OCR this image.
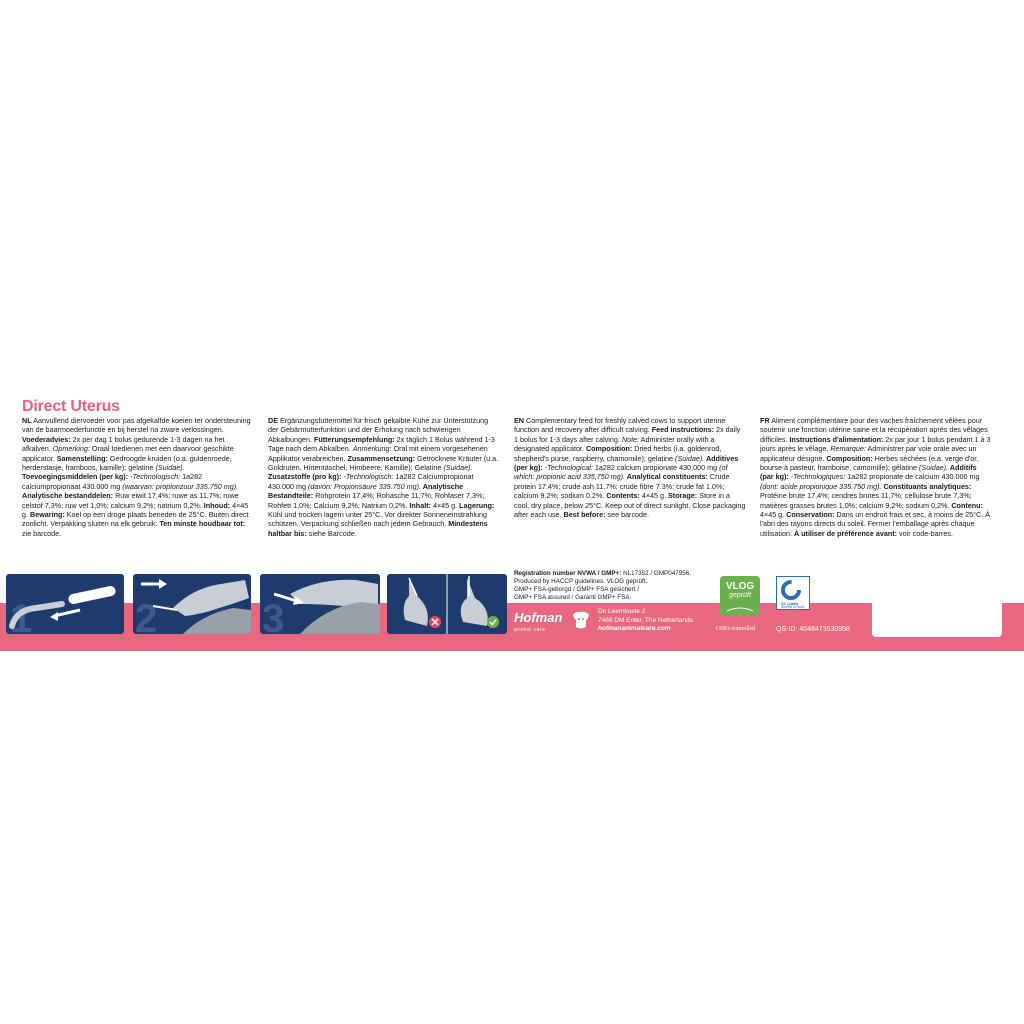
Direct Uterus
NL Aanvullend diervoeder voor pas afgekalfde koeien ter ondersteuning van de baarmoederfunctie en bij herstel na zware verlossingen. Voederadvies: 2x per dag 1 bolus gedurende 1-3 dagen na het afkalven. Opmerking: Oraal toedienen met een daarvoor geschikte applicator. Samenstelling: Gedroogde kruiden (o.a. guldenroede, herderstasje, framboos, kamille); gelatine (Suidae). Toevoegingsmiddelen (per kg): -Technologisch: 1a282 calciumpropionaat 430.000 mg (waarvan: propionzuur 335.750 mg). Analytische bestanddelen: Ruw eiwit 17,4%; ruwe as 11,7%; ruwe celstof 7,3%; ruw vet 1,0%; calcium 9,2%; natrium 0,2%. Inhoud: 4×45 g. Bewaring: Koel op een droge plaats beneden de 25°C. Buiten direct zonlicht. Verpakking sluiten na elk gebruik. Ten minste houdbaar tot: zie barcode.
DE Ergänzungsfuttermittel für frisch gekalbte Kühe zur Unterstützung der Gebärmutterfunktion und der Erholung nach schwierigen Abkalbungen. Fütterungsempfehlung: 2x täglich 1 Bolus während 1-3 Tage nach dem Abkalben. Anmerkung: Oral mit einem vorgesehenen Applikator verabreichen. Zusammensetzung: Getrocknete Kräuter (u.a. Goldruten, Hirtentäschel, Himbeere, Kamille); Gelatine (Suidae). Zusatzstoffe (pro kg): -Technologisch: 1a282 Calciumpropionat 430.000 mg (davon: Propionsäure 335.750 mg). Analytische Bestandteile: Rohprotein 17,4%; Rohasche 11,7%; Rohfaser 7,3%; Rohfett 1,0%; Calcium 9,2%; Natrium 0,2%. Inhalt: 4×45 g. Lagerung: Kühl und trocken lagern unter 25°C. Vor direkter Sonneneinstrahlung schützen. Verpackung schließen nach jedem Gebrauch. Mindestens haltbar bis: siehe Barcode.
EN Complementary feed for freshly calved cows to support uterine function and recovery after difficult calving. Feed instructions: 2x daily 1 bolus for 1-3 days after calving. Note: Administer orally with a designated applicator. Composition: Dried herbs (i.a. goldenrod, shepherd's purse, raspberry, chamomile); gelatine (Suidae). Additives (per kg): -Technological: 1a282 calcium propionate 430,000 mg (of which: propionic acid 335,750 mg). Analytical constituents: Crude protein 17.4%; crude ash 11.7%; crude fibre 7.3%; crude fat 1.0%; calcium 9.2%; sodium 0.2%. Contents: 4×45 g. Storage: Store in a cool, dry place, below 25°C. Keep out of direct sunlight. Close packaging after each use. Best before: see barcode.
FR Aliment complémentaire pour des vaches fraîchement vêlées pour soutenir une fonction utérine saine et la récupération après des vêlages difficiles. Instructions d'alimentation: 2x par jour 1 bolus pendant 1 à 3 jours après le vêlage. Remarque: Administrer par voie orale avec un applicateur désigné. Composition: Herbes séchées (e.a. verge d'or, bourse à pasteur, framboise, camomille); gélatine (Suidae). Additifs (par kg): -Technologiques: 1a282 propionate de calcium 430.000 mg (dont: acide propionique 335.750 mg). Constituants analytiques: Protéine brute 17,4%; cendres brutes 11,7%; cellulose brute 7,3%; matières grasses brutes 1,0%; calcium 9,2%; sodium 0,2%. Contenu: 4×45 g. Conservation: Dans un endroit frais et sec, à moins de 25°C. À l'abri des rayons directs du soleil. Fermer l'emballage après chaque utilisation. À utiliser de préférence avant: voir code-barres.
1	2	3
Registration number NVWA / GMP+: NL17352 / GMP047956.
Produced by HACCP guidelines. VLOG geprüft.
GMP+ FSA-geborgd / GMP+ FSA gesichert /
GMP+ FSA assured / Garanti GMP+ FSA.
Hofman
animal care
De Leemkoele 2
7468 DM Enter, The Netherlands
hofmananimalcare.com
VLOG
geprüft
GMO-controlled
QS. Quality
scheme for food.
QS-ID: 4048473530958
